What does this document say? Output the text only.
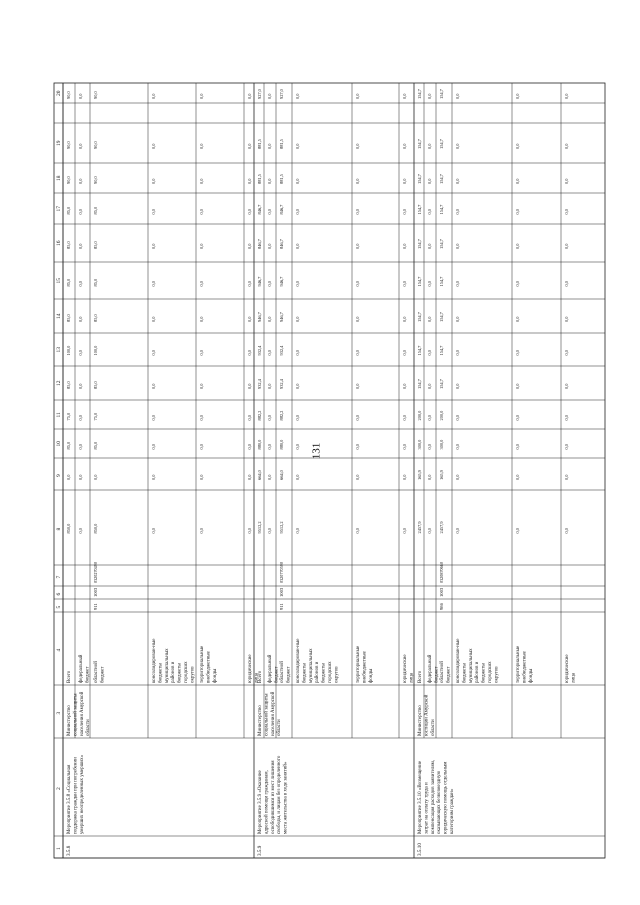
131
1
2
3
4
5
6
7
8
9
10
11
12
13
14
15
16
17
18
19
20
3.5.8
Мероприятие 3.5.8 «Социальная поддержка граждан при погребении умерших неопределенных умерших»
Министерство социальной защиты населения Амурской области
Всего
850,0
0,0
85,0
75,0
85,0
100,0
85,0
85,0
85,0
85,0
90,0
90,0
90,0
федеральный бюджет
0,0
0,0
0,0
0,0
0,0
0,0
0,0
0,0
0,0
0,0
0,0
0,0
0,0
областной бюджет
911
1003
0320270490
850,0
0,0
85,0
75,0
85,0
100,0
85,0
85,0
85,0
85,0
90,0
90,0
90,0
консолидирован-ные бюджеты муниципальных районов и бюджеты городских округов
0,0
0,0
0,0
0,0
0,0
0,0
0,0
0,0
0,0
0,0
0,0
0,0
0,0
территориальные внебюджетные фонды
0,0
0,0
0,0
0,0
0,0
0,0
0,0
0,0
0,0
0,0
0,0
0,0
0,0
юридические лица
0,0
0,0
0,0
0,0
0,0
0,0
0,0
0,0
0,0
0,0
0,0
0,0
0,0
3.5.9
Мероприятие 3.5.9 «Оказание адресной помощи гражданам, освободившимся из мест лишения свободы, и лицам без определенного места жительства в ходе занятий»
Министерство социальной защиты населения Амурской области
Всего
9512,2
664,0
880,0
882,2
932,4
932,4
946,7
946,7
846,7
846,7
881,5
881,5
927,0
федеральный бюджет
0,0
0,0
0,0
0,0
0,0
0,0
0,0
0,0
0,0
0,0
0,0
0,0
0,0
областной бюджет
911
1003
0320770590
9512,2
664,0
880,0
882,2
932,4
932,4
946,7
946,7
846,7
846,7
881,5
881,5
927,0
консолидирован-ные бюджеты муниципальных районов и бюджеты городских округов
0,0
0,0
0,0
0,0
0,0
0,0
0,0
0,0
0,0
0,0
0,0
0,0
0,0
территориальные внебюджетные фонды
0,0
0,0
0,0
0,0
0,0
0,0
0,0
0,0
0,0
0,0
0,0
0,0
0,0
юридические лица
0,0
0,0
0,0
0,0
0,0
0,0
0,0
0,0
0,0
0,0
0,0
0,0
0,0
3.5.10
Мероприятие 3.5.10 «Возмещение затрат на оплату труда и компенсация расходов заявителям, оказывающих безвозмездную юридическую помощь отдельным категориям граждан»
Министерство юстиции Амурской области
Всего
2457,9
165,9
300,0
200,0
154,7
154,7
154,7
154,7
154,7
154,7
154,7
154,7
154,7
федеральный бюджет
0,0
0,0
0,0
0,0
0,0
0,0
0,0
0,0
0,0
0,0
0,0
0,0
0,0
областной бюджет
986
1003
0320870660
2457,9
165,9
300,0
200,0
154,7
154,7
154,7
154,7
154,7
154,7
154,7
154,7
154,7
консолидирован-ные бюджеты муниципальных районов и бюджеты городских округов
0,0
0,0
0,0
0,0
0,0
0,0
0,0
0,0
0,0
0,0
0,0
0,0
0,0
территориальные внебюджетные фонды
0,0
0,0
0,0
0,0
0,0
0,0
0,0
0,0
0,0
0,0
0,0
0,0
0,0
юридические лица
0,0
0,0
0,0
0,0
0,0
0,0
0,0
0,0
0,0
0,0
0,0
0,0
0,0
